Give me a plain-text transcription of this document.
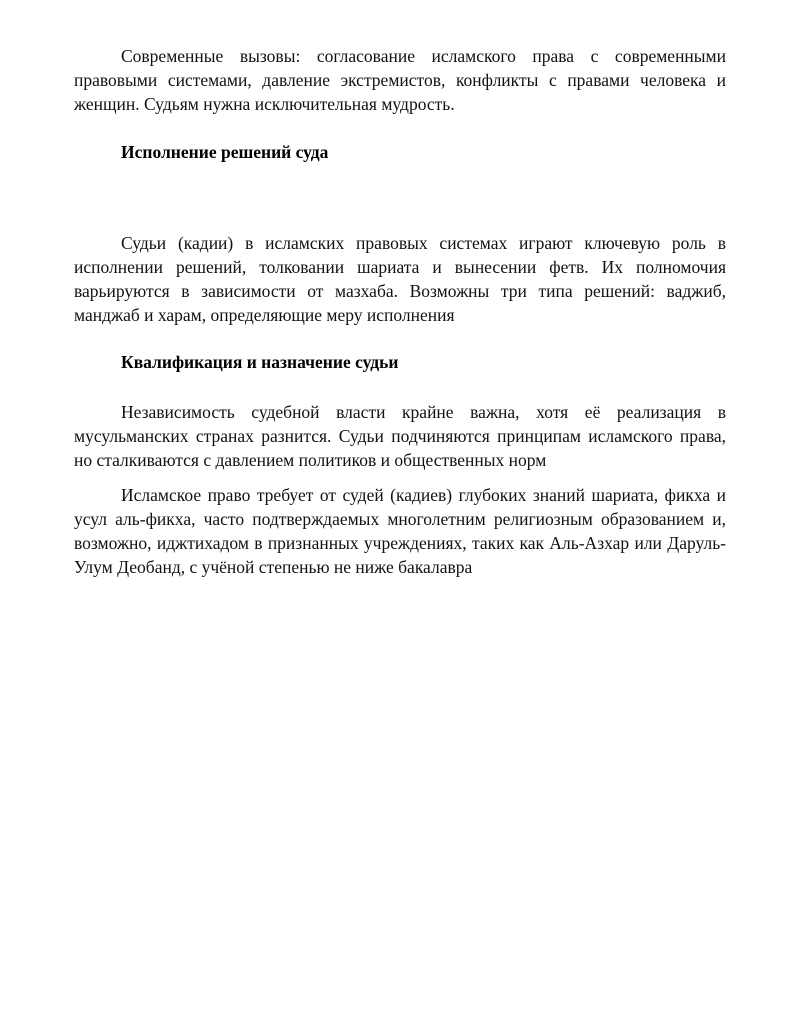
Современные вызовы: согласование исламского права с современными правовыми системами, давление экстремистов, конфликты с правами человека и женщин. Судьям нужна исключительная мудрость.

Исполнение решений суда

Судьи (кадии) в исламских правовых системах играют ключевую роль в исполнении решений, толковании шариата и вынесении фетв. Их полномочия варьируются в зависимости от мазхаба. Возможны три типа решений: ваджиб, манджаб и харам, определяющие меру исполнения

Квалификация и назначение судьи

Независимость судебной власти крайне важна, хотя её реализация в мусульманских странах разнится. Судьи подчиняются принципам исламского права, но сталкиваются с давлением политиков и общественных норм

Исламское право требует от судей (кадиев) глубоких знаний шариата, фикха и усул аль-фикха, часто подтверждаемых многолетним религиозным образованием и, возможно, иджтихадом в признанных учреждениях, таких как Аль-Азхар или Даруль-Улум Деобанд, с учёной степенью не ниже бакалавра
